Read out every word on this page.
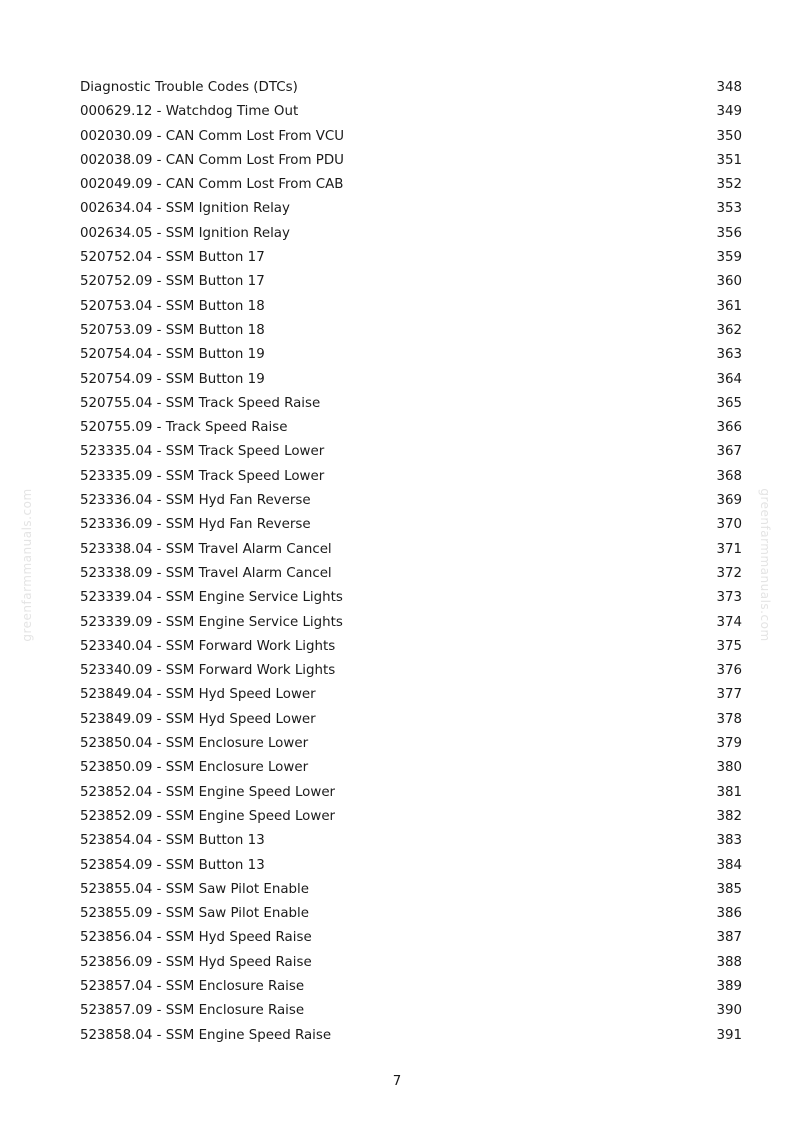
Diagnostic Trouble Codes (DTCs)	348
000629.12 - Watchdog Time Out	349
002030.09 - CAN Comm Lost From VCU	350
002038.09 - CAN Comm Lost From PDU	351
002049.09 - CAN Comm Lost From CAB	352
002634.04 - SSM Ignition Relay	353
002634.05 - SSM Ignition Relay	356
520752.04 - SSM Button 17	359
520752.09 - SSM Button 17	360
520753.04 - SSM Button 18	361
520753.09 - SSM Button 18	362
520754.04 - SSM Button 19	363
520754.09 - SSM Button 19	364
520755.04 - SSM Track Speed Raise	365
520755.09 - Track Speed Raise	366
523335.04 - SSM Track Speed Lower	367
523335.09 - SSM Track Speed Lower	368
523336.04 - SSM Hyd Fan Reverse	369
523336.09 - SSM Hyd Fan Reverse	370
523338.04 - SSM Travel Alarm Cancel	371
523338.09 - SSM Travel Alarm Cancel	372
523339.04 - SSM Engine Service Lights	373
523339.09 - SSM Engine Service Lights	374
523340.04 - SSM Forward Work Lights	375
523340.09 - SSM Forward Work Lights	376
523849.04 - SSM Hyd Speed Lower	377
523849.09 - SSM Hyd Speed Lower	378
523850.04 - SSM Enclosure Lower	379
523850.09 - SSM Enclosure Lower	380
523852.04 - SSM Engine Speed Lower	381
523852.09 - SSM Engine Speed Lower	382
523854.04 - SSM Button 13	383
523854.09 - SSM Button 13	384
523855.04 - SSM Saw Pilot Enable	385
523855.09 - SSM Saw Pilot Enable	386
523856.04 - SSM Hyd Speed Raise	387
523856.09 - SSM Hyd Speed Raise	388
523857.04 - SSM Enclosure Raise	389
523857.09 - SSM Enclosure Raise	390
523858.04 - SSM Engine Speed Raise	391
7
greenfarmmanuals.com	greenfarmmanuals.com
